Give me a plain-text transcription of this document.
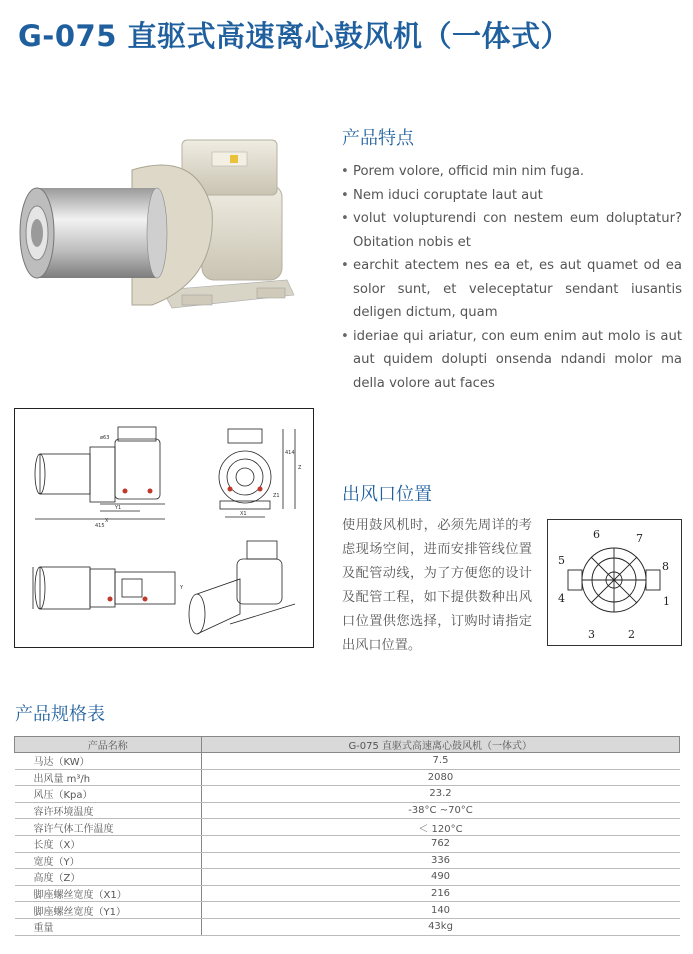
G-075 直驱式高速离心鼓风机（一体式）
产品特点
• Porem volore, officid min nim fuga.
• Nem iduci coruptate laut aut
• volut volupturendi con nestem eum doluptatur? Obitation nobis et
• earchit atectem nes ea et, es aut quamet od ea solor sunt, et veleceptatur sendant iusantis deligen dictum, quam
• ideriae qui ariatur, con eum enim aut molo is aut aut quidem dolupti onsenda ndandi molor ma della volore aut faces
415
X
Y1
X1
Z
Y
ø63
Z1
414
出风口位置
使用鼓风机时，必须先周详的考虑现场空间，进而安排管线位置及配管动线，为了方便您的设计及配管工程，如下提供数种出风口位置供您选择，订购时请指定出风口位置。
1
2
3
4
5
6	7
8
产品规格表
产品名称	G-075 直驱式高速离心鼓风机（一体式）
马达（KW）	7.5
出风量 m³/h	2080
风压（Kpa）	23.2
容许环境温度	-38°C ~70°C
容许气体工作温度	＜ 120°C
长度（X）	762
宽度（Y）	336
高度（Z）	490
脚座螺丝宽度（X1）	216
脚座螺丝宽度（Y1）	140
重量	43kg
